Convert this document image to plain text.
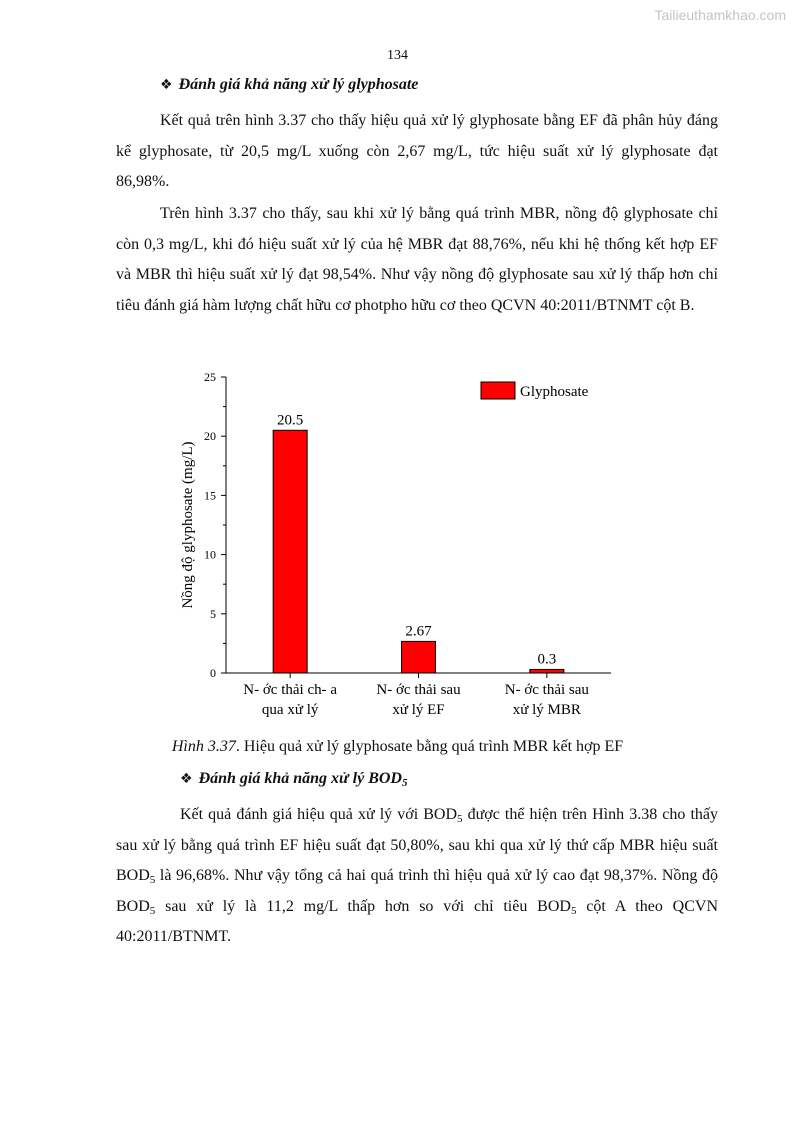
Tailieuthamkhao.com
134
❖ Đánh giá khả năng xử lý glyphosate

Kết quả trên hình 3.37 cho thấy hiệu quả xử lý glyphosate bằng EF đã phân hủy đáng kể glyphosate, từ 20,5 mg/L xuống còn 2,67 mg/L, tức hiệu suất xử lý glyphosate đạt 86,98%.

Trên hình 3.37 cho thấy, sau khi xử lý bằng quá trình MBR, nồng độ glyphosate chỉ còn 0,3 mg/L, khi đó hiệu suất xử lý của hệ MBR đạt 88,76%, nếu khi hệ thống kết hợp EF và MBR thì hiệu suất xử lý đạt 98,54%. Như vậy nồng độ glyphosate sau xử lý thấp hơn chỉ tiêu đánh giá hàm lượng chất hữu cơ photpho hữu cơ theo QCVN 40:2011/BTNMT cột B.

0
5
10
15
20
25
Nồng độ glyphosate (mg/L)
20.5
N- ớc thải ch- a
qua xử lý
2.67
N- ớc thải sau
xử lý EF
0.3
N- ớc thải sau
xử lý MBR
Glyphosate
Hình 3.37. Hiệu quả xử lý glyphosate bằng quá trình MBR kết hợp EF
❖ Đánh giá khả năng xử lý $BOD_5$

Kết quả đánh giá hiệu quả xử lý với $BOD_5$ được thể hiện trên Hình 3.38 cho thấy sau xử lý bằng quá trình EF hiệu suất đạt 50,80%, sau khi qua xử lý thứ cấp MBR hiệu suất $BOD_5$ là 96,68%. Như vậy tổng cả hai quá trình thì hiệu quả xử lý cao đạt 98,37%. Nồng độ $BOD_5$ sau xử lý là 11,2 mg/L thấp hơn so với chỉ tiêu $BOD_5$ cột A theo QCVN 40:2011/BTNMT.
